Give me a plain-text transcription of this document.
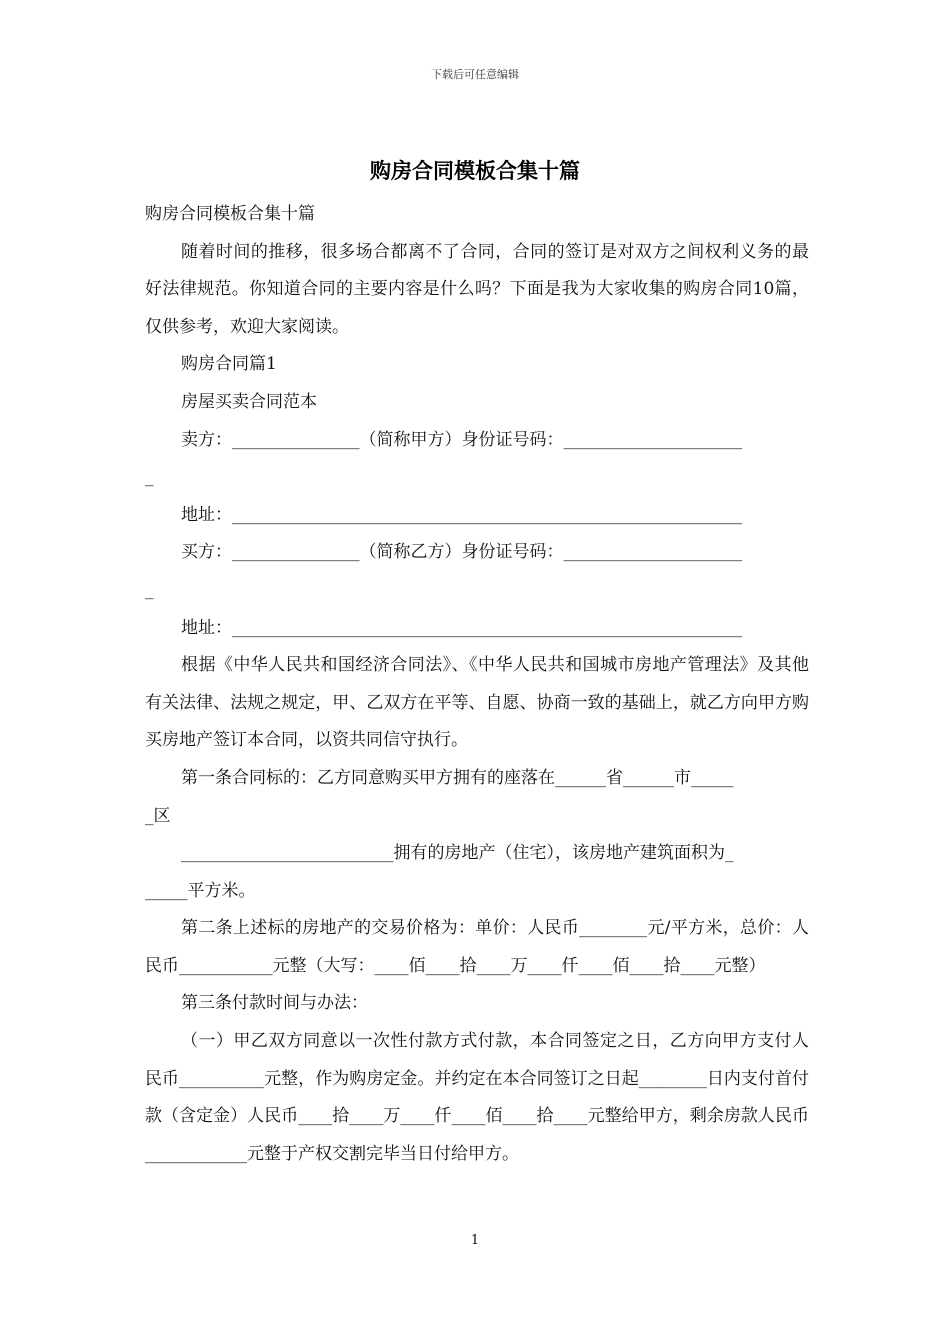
下载后可任意编辑
购房合同模板合集十篇
购房合同模板合集十篇
随着时间的推移，很多场合都离不了合同，合同的签订是对双方之间权利义务的最好法律规范。你知道合同的主要内容是什么吗？下面是我为大家收集的购房合同10篇，仅供参考，欢迎大家阅读。
购房合同篇1
房屋买卖合同范本
卖方：_______________（简称甲方）身份证号码：_____________________
_
地址：____________________________________________________________
买方：_______________（简称乙方）身份证号码：_____________________
_
地址：____________________________________________________________
根据《中华人民共和国经济合同法》、《中华人民共和国城市房地产管理法》及其他有关法律、法规之规定，甲、乙双方在平等、自愿、协商一致的基础上，就乙方向甲方购买房地产签订本合同，以资共同信守执行。
第一条合同标的：乙方同意购买甲方拥有的座落在______省______市_____
_区
_________________________拥有的房地产（住宅），该房地产建筑面积为_
_____平方米。
第二条上述标的房地产的交易价格为：单价：人民币________元/平方米，总价：人民币___________元整（大写：____佰____拾____万____仟____佰____拾____元整）
第三条付款时间与办法：
（一）甲乙双方同意以一次性付款方式付款，本合同签定之日，乙方向甲方支付人民币__________元整，作为购房定金。并约定在本合同签订之日起________日内支付首付款（含定金）人民币____拾____万____仟____佰____拾____元整给甲方，剩余房款人民币____________元整于产权交割完毕当日付给甲方。
1
